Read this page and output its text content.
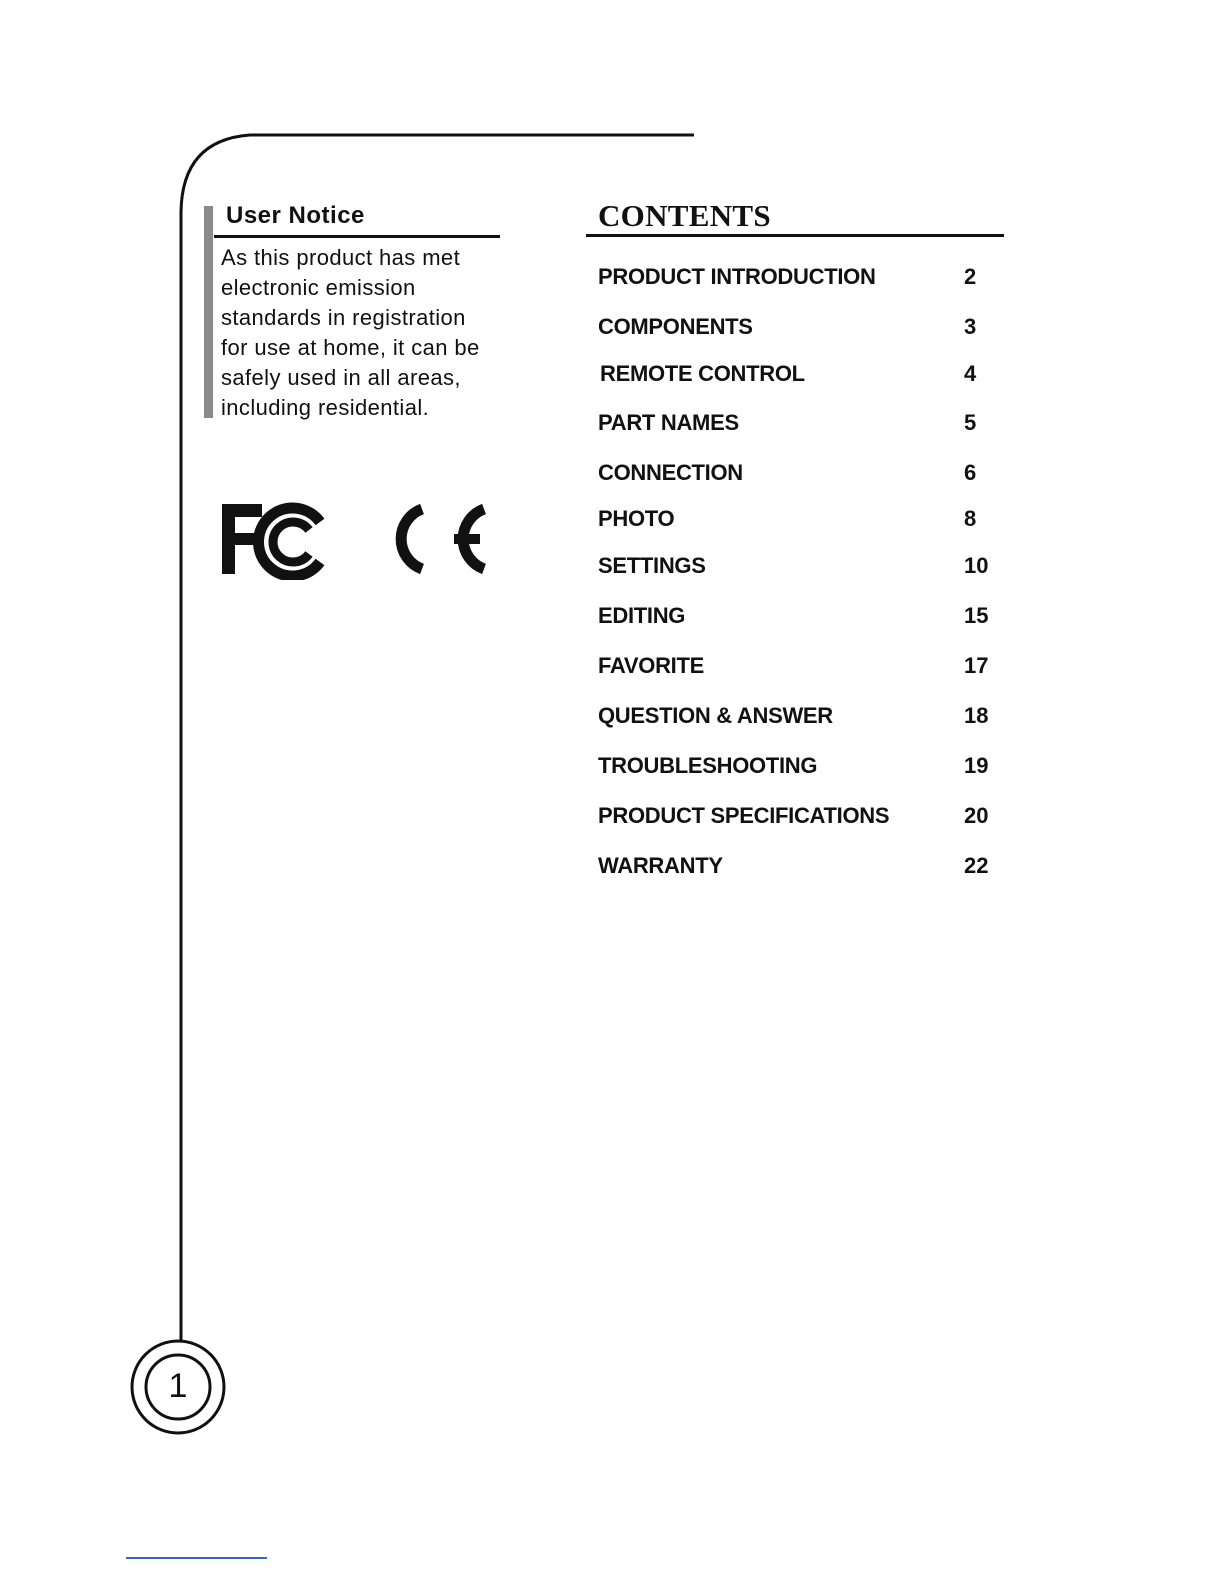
User Notice
As this product has met
electronic emission
standards in registration
for use at home, it can be
safely used in all areas,
including residential.
CONTENTS
PRODUCT INTRODUCTION	2
COMPONENTS	3
REMOTE CONTROL	4
PART NAMES	5
CONNECTION	6
PHOTO	8
SETTINGS	10
EDITING	15
FAVORITE	17
QUESTION & ANSWER	18
TROUBLESHOOTING	19
PRODUCT SPECIFICATIONS	20
WARRANTY	22
1
